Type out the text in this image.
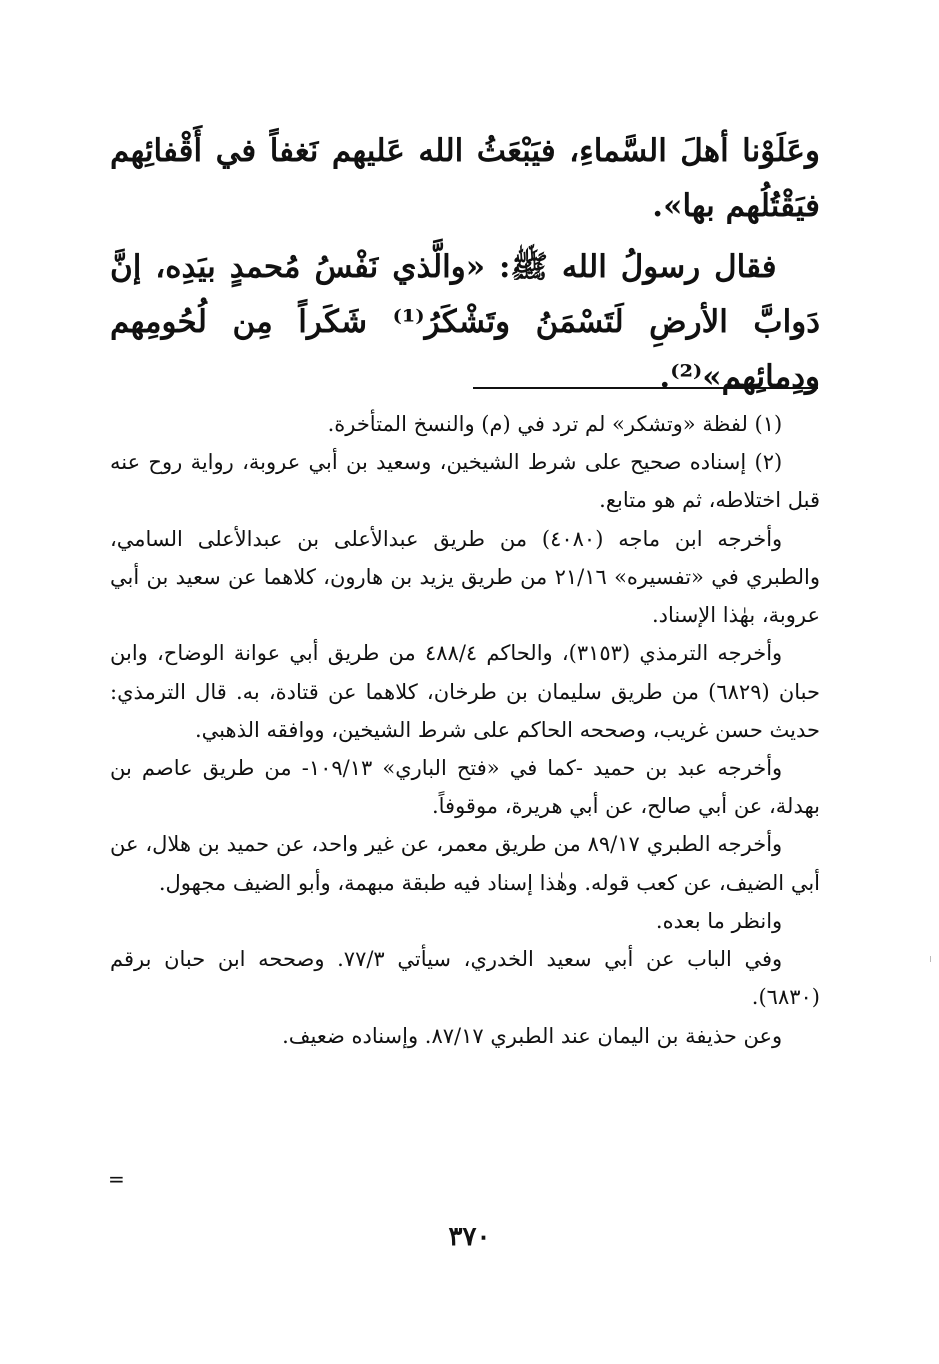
وعَلَوْنا أهلَ السَّماءِ، فيَبْعَثُ الله عَليهم نَغفاً في أَقْفائِهم فيَقْتُلُهم بها».

فقال رسولُ الله ﷺ: «والَّذي نَفْسُ مُحمدٍ بيَدِه، إنَّ دَوابَّ الأرضِ لَتَسْمَنُ وتَشْكَرُ⁽¹⁾ شَكَراً مِن لُحُومِهم ودِمائِهم»⁽²⁾.

(١) لفظة «وتشكر» لم ترد في (م) والنسخ المتأخرة.

(٢) إسناده صحيح على شرط الشيخين، وسعيد بن أبي عروبة، رواية روح عنه قبل اختلاطه، ثم هو متابع.

وأخرجه ابن ماجه (٤٠٨٠) من طريق عبدالأعلى بن عبدالأعلى السامي، والطبري في «تفسيره» ٢١/١٦ من طريق يزيد بن هارون، كلاهما عن سعيد بن أبي عروبة، بهٰذا الإسناد.

وأخرجه الترمذي (٣١٥٣)، والحاكم ٤٨٨/٤ من طريق أبي عوانة الوضاح، وابن حبان (٦٨٢٩) من طريق سليمان بن طرخان، كلاهما عن قتادة، به. قال الترمذي: حديث حسن غريب، وصححه الحاكم على شرط الشيخين، ووافقه الذهبي.

وأخرجه عبد بن حميد -كما في «فتح الباري» ١٠٩/١٣- من طريق عاصم بن بهدلة، عن أبي صالح، عن أبي هريرة، موقوفاً.

وأخرجه الطبري ٨٩/١٧ من طريق معمر، عن غير واحد، عن حميد بن هلال، عن أبي الضيف، عن كعب قوله. وهٰذا إسناد فيه طبقة مبهمة، وأبو الضيف مجهول.

وانظر ما بعده.

وفي الباب عن أبي سعيد الخدري، سيأتي ٧٧/٣. وصححه ابن حبان برقم (٦٨٣٠).

وعن حذيفة بن اليمان عند الطبري ٨٧/١٧. وإسناده ضعيف.

=
٣٧٠
